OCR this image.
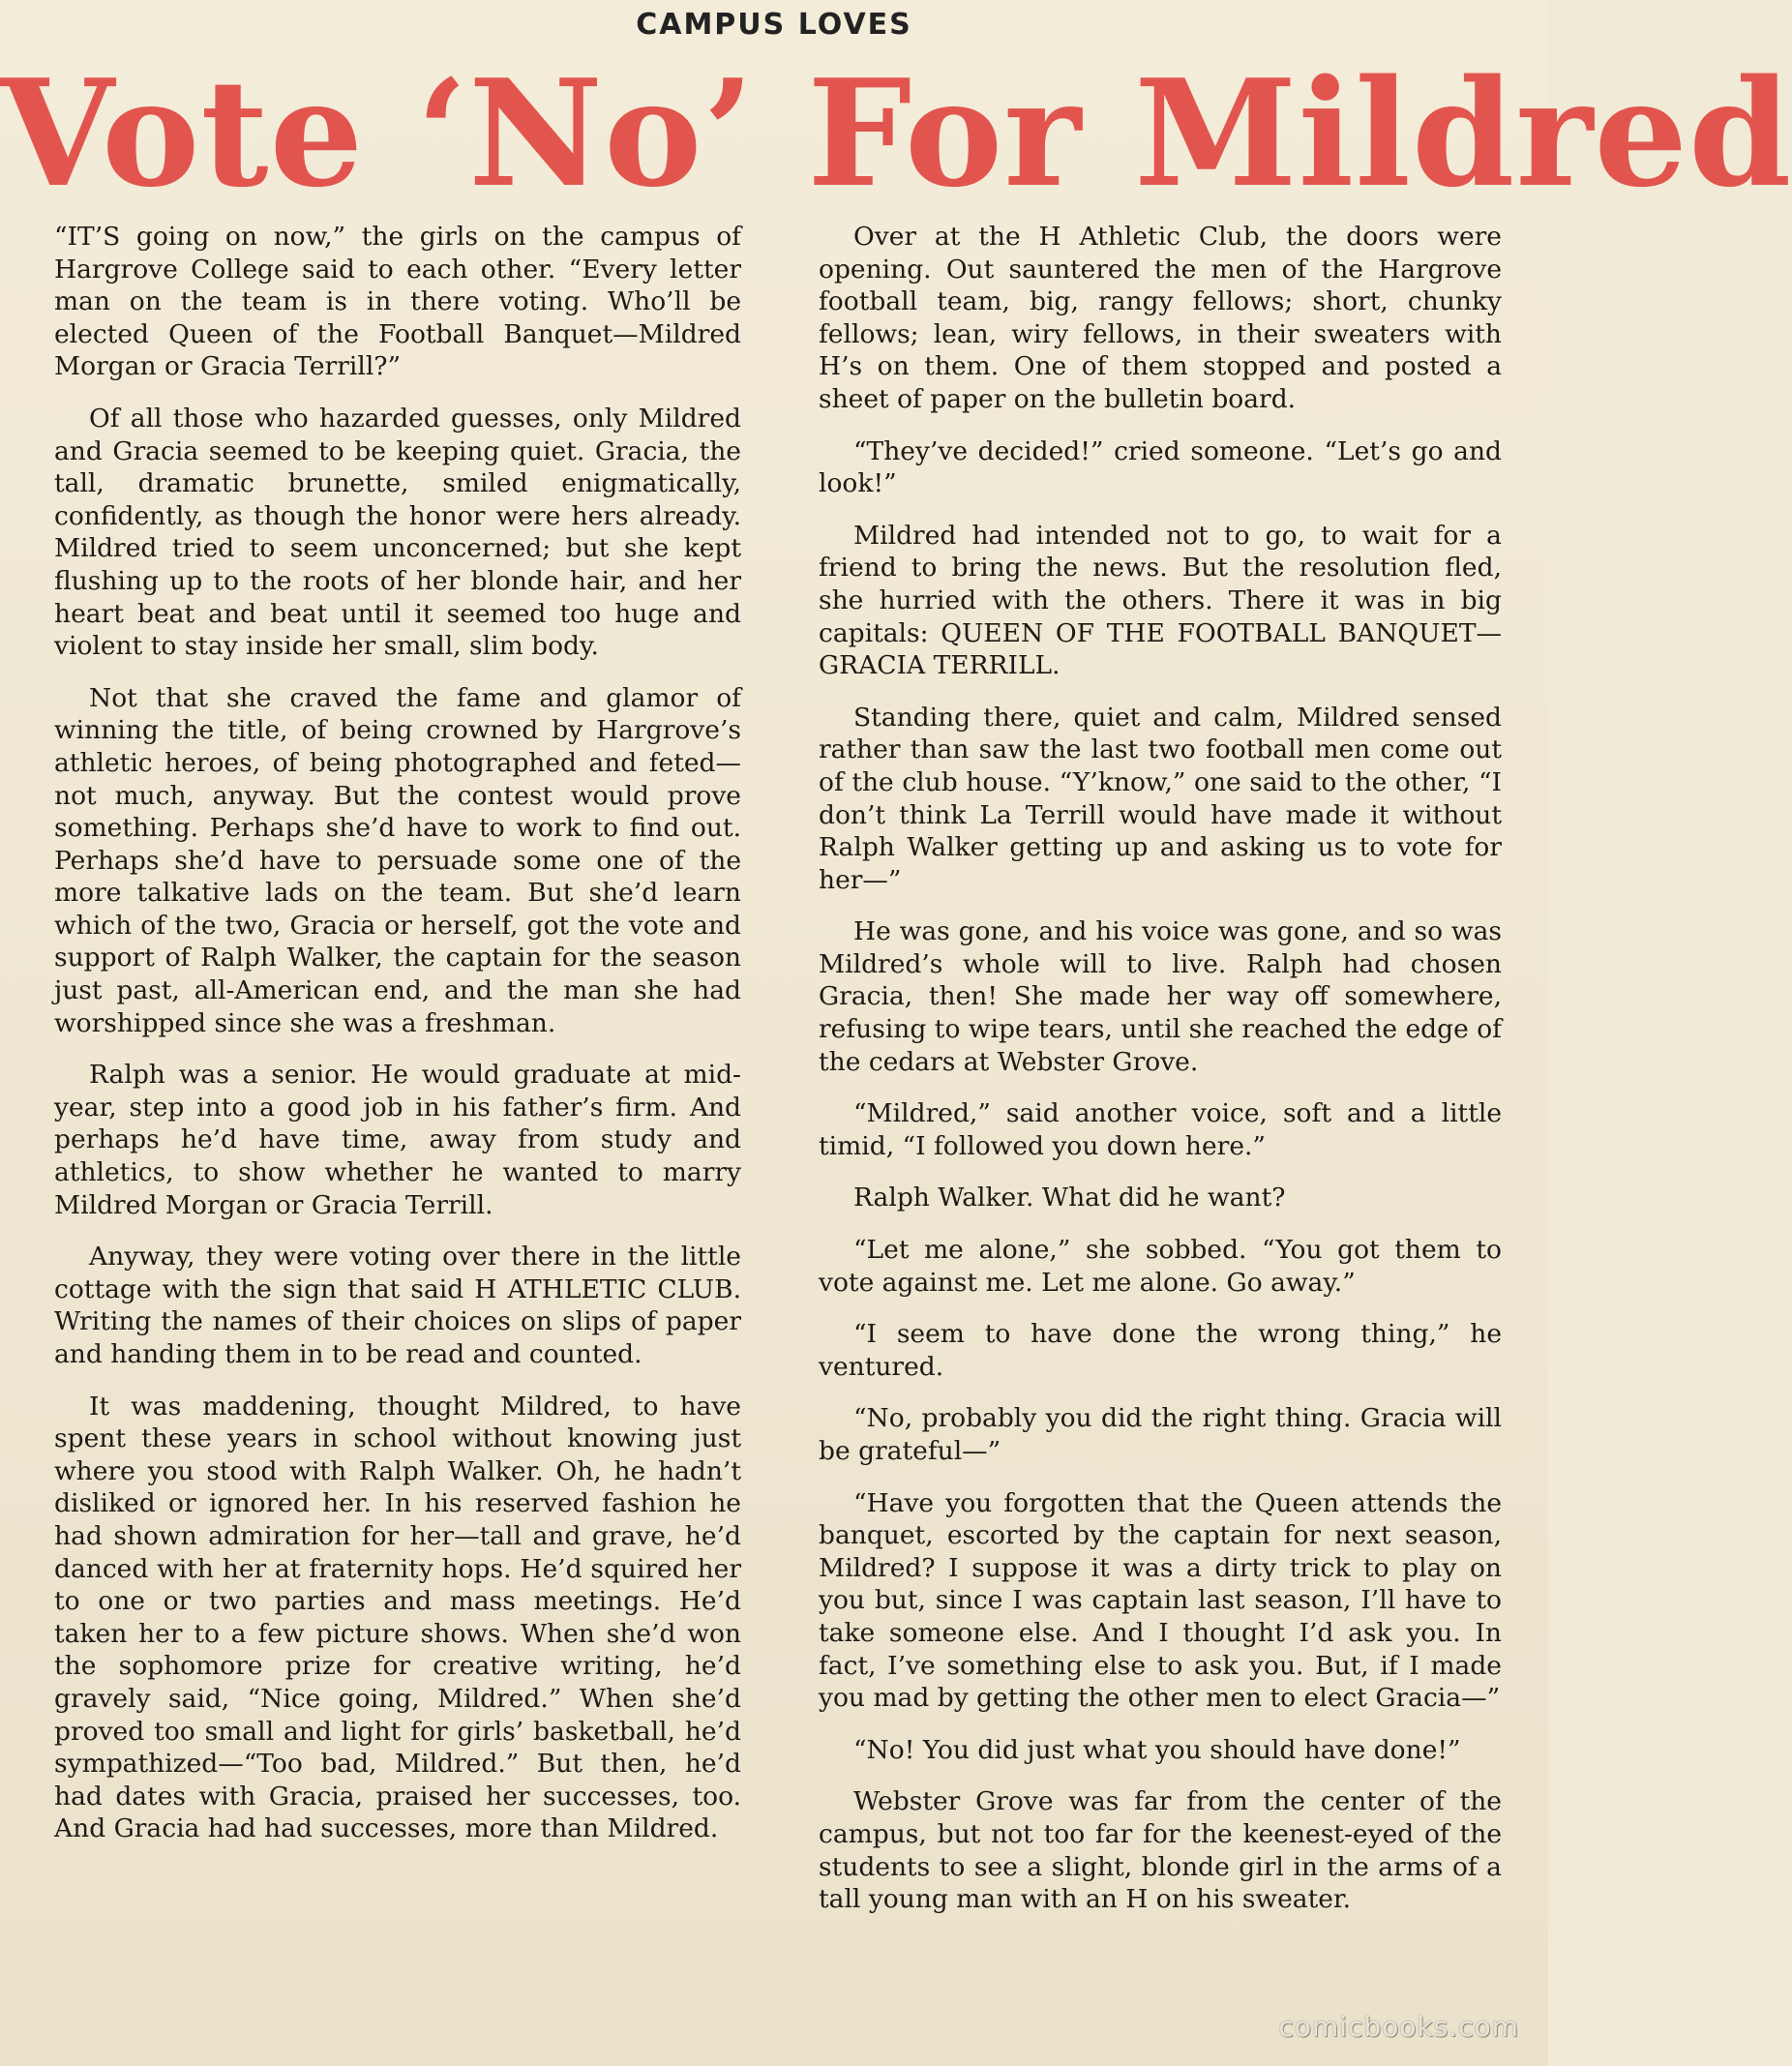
CAMPUS LOVES
Vote ‘No’ For Mildred

“IT’S going on now,” the girls on the campus of Hargrove College said to each other. “Every letter man on the team is in there voting. Who’ll be elected Queen of the Football Banquet—Mildred Morgan or Gracia Terrill?”

Of all those who hazarded guesses, only Mildred and Gracia seemed to be keeping quiet. Gracia, the tall, dramatic brunette, smiled enigmatically, confidently, as though the honor were hers already. Mildred tried to seem unconcerned; but she kept flushing up to the roots of her blonde hair, and her heart beat and beat until it seemed too huge and violent to stay inside her small, slim body.

Not that she craved the fame and glamor of winning the title, of being crowned by Hargrove’s athletic heroes, of being photographed and feted—not much, anyway. But the contest would prove something. Perhaps she’d have to work to find out. Perhaps she’d have to persuade some one of the more talkative lads on the team. But she’d learn which of the two, Gracia or herself, got the vote and support of Ralph Walker, the captain for the season just past, all-American end, and the man she had worshipped since she was a freshman.

Ralph was a senior. He would graduate at mid-year, step into a good job in his father’s firm. And perhaps he’d have time, away from study and athletics, to show whether he wanted to marry Mildred Morgan or Gracia Terrill.

Anyway, they were voting over there in the little cottage with the sign that said H ATHLETIC CLUB. Writing the names of their choices on slips of paper and handing them in to be read and counted.

It was maddening, thought Mildred, to have spent these years in school without knowing just where you stood with Ralph Walker. Oh, he hadn’t disliked or ignored her. In his reserved fashion he had shown admiration for her—tall and grave, he’d danced with her at fraternity hops. He’d squired her to one or two parties and mass meetings. He’d taken her to a few picture shows. When she’d won the sophomore prize for creative writing, he’d gravely said, “Nice going, Mildred.” When she’d proved too small and light for girls’ basketball, he’d sympathized—“Too bad, Mildred.” But then, he’d had dates with Gracia, praised her successes, too. And Gracia had had successes, more than Mildred.

Over at the H Athletic Club, the doors were opening. Out sauntered the men of the Hargrove football team, big, rangy fellows; short, chunky fellows; lean, wiry fellows, in their sweaters with H’s on them. One of them stopped and posted a sheet of paper on the bulletin board.

“They’ve decided!” cried someone. “Let’s go and look!”

Mildred had intended not to go, to wait for a friend to bring the news. But the resolution fled, she hurried with the others. There it was in big capitals: QUEEN OF THE FOOTBALL BANQUET—GRACIA TERRILL.

Standing there, quiet and calm, Mildred sensed rather than saw the last two football men come out of the club house. “Y’know,” one said to the other, “I don’t think La Terrill would have made it without Ralph Walker getting up and asking us to vote for her—”

He was gone, and his voice was gone, and so was Mildred’s whole will to live. Ralph had chosen Gracia, then! She made her way off somewhere, refusing to wipe tears, until she reached the edge of the cedars at Webster Grove.

“Mildred,” said another voice, soft and a little timid, “I followed you down here.”

Ralph Walker. What did he want?

“Let me alone,” she sobbed. “You got them to vote against me. Let me alone. Go away.”

“I seem to have done the wrong thing,” he ventured.

“No, probably you did the right thing. Gracia will be grateful—”

“Have you forgotten that the Queen attends the banquet, escorted by the captain for next season, Mildred? I suppose it was a dirty trick to play on you but, since I was captain last season, I’ll have to take someone else. And I thought I’d ask you. In fact, I’ve something else to ask you. But, if I made you mad by getting the other men to elect Gracia—”

“No! You did just what you should have done!”

Webster Grove was far from the center of the campus, but not too far for the keenest-eyed of the students to see a slight, blonde girl in the arms of a tall young man with an H on his sweater.

comicbooks.com
